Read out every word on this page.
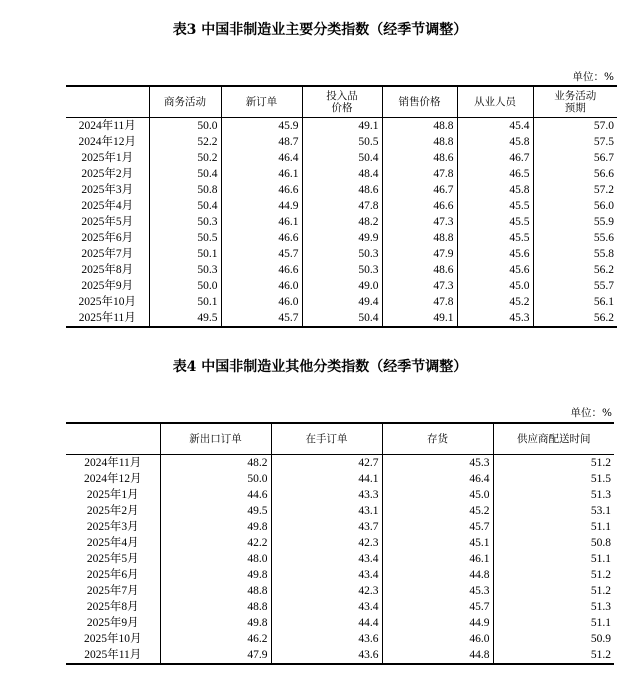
表3 中国非制造业主要分类指数（经季节调整）
单位：%
	商务活动	新订单	投入品
价格	销售价格	从业人员	业务活动
预期
2024年11月	50.0	45.9	49.1	48.8	45.4	57.0
2024年12月	52.2	48.7	50.5	48.8	45.8	57.5
2025年1月	50.2	46.4	50.4	48.6	46.7	56.7
2025年2月	50.4	46.1	48.4	47.8	46.5	56.6
2025年3月	50.8	46.6	48.6	46.7	45.8	57.2
2025年4月	50.4	44.9	47.8	46.6	45.5	56.0
2025年5月	50.3	46.1	48.2	47.3	45.5	55.9
2025年6月	50.5	46.6	49.9	48.8	45.5	55.6
2025年7月	50.1	45.7	50.3	47.9	45.6	55.8
2025年8月	50.3	46.6	50.3	48.6	45.6	56.2
2025年9月	50.0	46.0	49.0	47.3	45.0	55.7
2025年10月	50.1	46.0	49.4	47.8	45.2	56.1
2025年11月	49.5	45.7	50.4	49.1	45.3	56.2
表4 中国非制造业其他分类指数（经季节调整）
单位：%
	新出口订单	在手订单	存货	供应商配送时间
2024年11月	48.2	42.7	45.3	51.2
2024年12月	50.0	44.1	46.4	51.5
2025年1月	44.6	43.3	45.0	51.3
2025年2月	49.5	43.1	45.2	53.1
2025年3月	49.8	43.7	45.7	51.1
2025年4月	42.2	42.3	45.1	50.8
2025年5月	48.0	43.4	46.1	51.1
2025年6月	49.8	43.4	44.8	51.2
2025年7月	48.8	42.3	45.3	51.2
2025年8月	48.8	43.4	45.7	51.3
2025年9月	49.8	44.4	44.9	51.1
2025年10月	46.2	43.6	46.0	50.9
2025年11月	47.9	43.6	44.8	51.2
